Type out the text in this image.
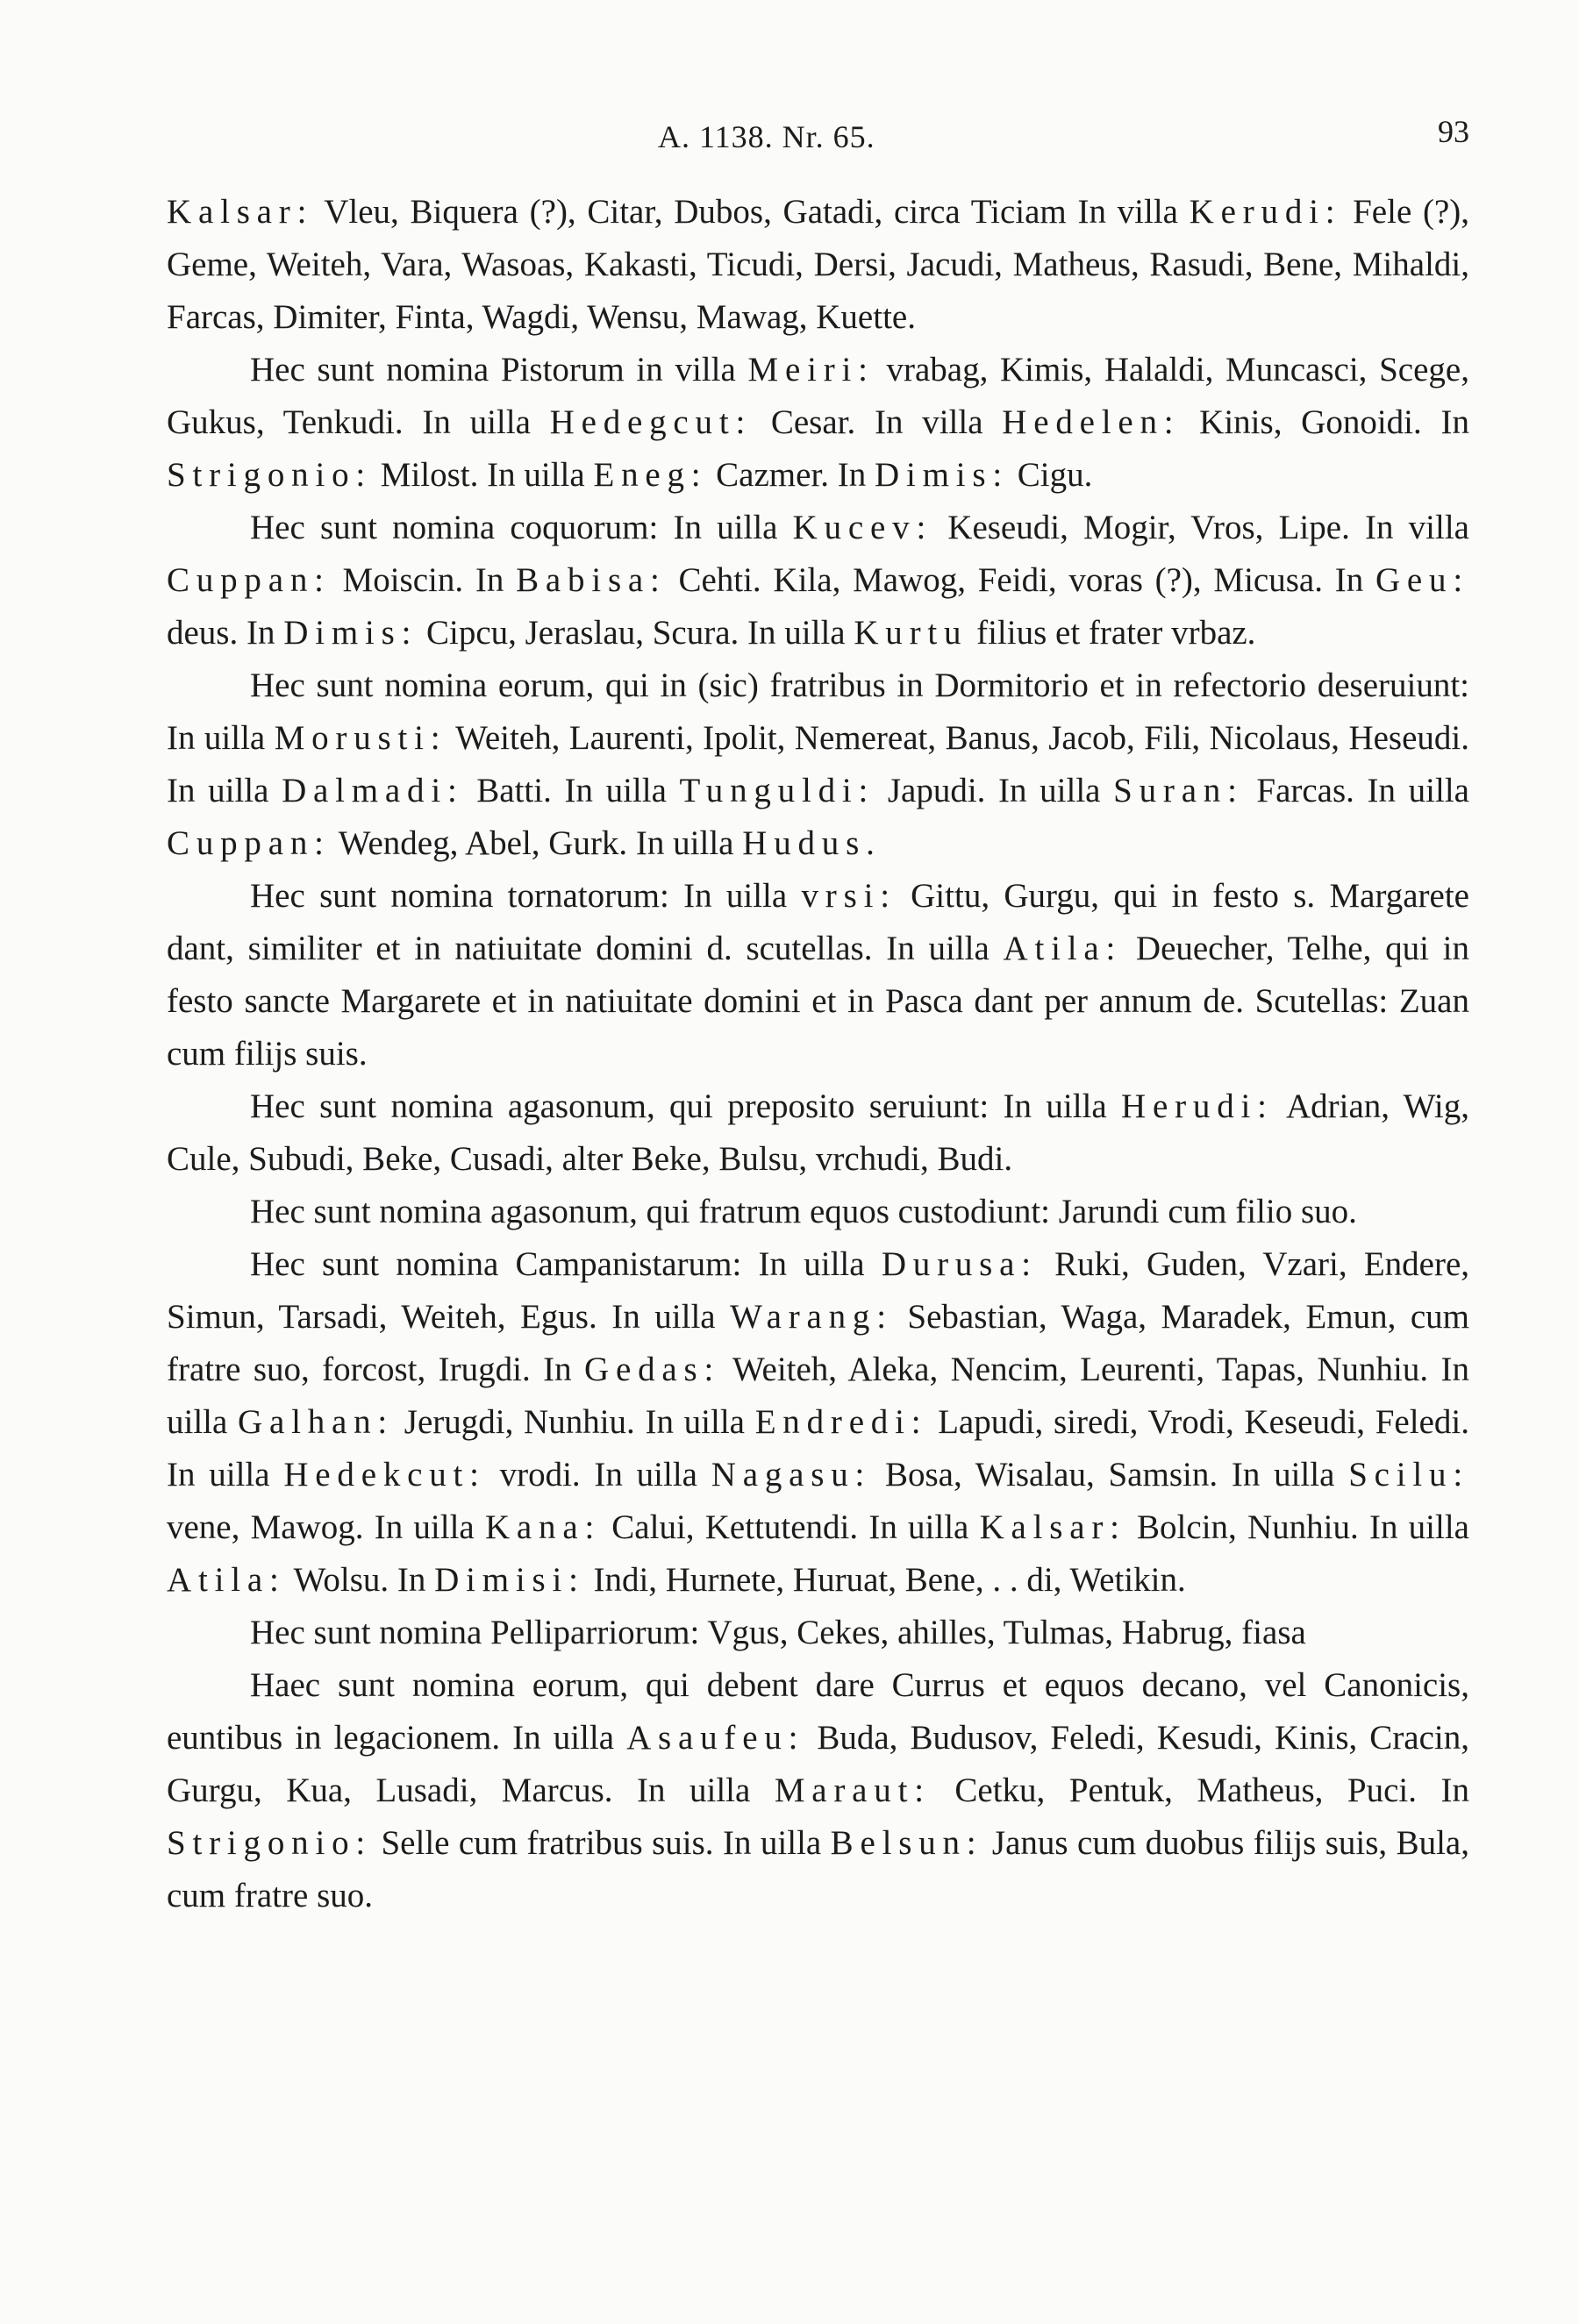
A. 1138. Nr. 65.	93

Kalsar: Vleu, Biquera (?), Citar, Dubos, Gatadi, circa Ticiam In villa Kerudi: Fele (?), Geme, Weiteh, Vara, Wasoas, Kakasti, Ticudi, Dersi, Jacudi, Matheus, Rasudi, Bene, Mihaldi, Farcas, Dimiter, Finta, Wagdi, Wensu, Mawag, Kuette.

Hec sunt nomina Pistorum in villa Meiri: vrabag, Kimis, Halaldi, Muncasci, Scege, Gukus, Tenkudi. In uilla Hedegcut: Cesar. In villa Hedelen: Kinis, Gonoidi. In Strigonio: Milost. In uilla Eneg: Cazmer. In Dimis: Cigu.

Hec sunt nomina coquorum: In uilla Kucev: Keseudi, Mogir, Vros, Lipe. In villa Cuppan: Moiscin. In Babisa: Cehti. Kila, Mawog, Feidi, voras (?), Micusa. In Geu: deus. In Dimis: Cipcu, Jeraslau, Scura. In uilla Kurtu filius et frater vrbaz.

Hec sunt nomina eorum, qui in (sic) fratribus in Dormitorio et in refectorio deseruiunt: In uilla Morusti: Weiteh, Laurenti, Ipolit, Nemereat, Banus, Jacob, Fili, Nicolaus, Heseudi. In uilla Dalmadi: Batti. In uilla Tunguldi: Japudi. In uilla Suran: Farcas. In uilla Cuppan: Wendeg, Abel, Gurk. In uilla Hudus.

Hec sunt nomina tornatorum: In uilla vrsi: Gittu, Gurgu, qui in festo s. Margarete dant, similiter et in natiuitate domini d. scutellas. In uilla Atila: Deuecher, Telhe, qui in festo sancte Margarete et in natiuitate domini et in Pasca dant per annum de. Scutellas: Zuan cum filijs suis.

Hec sunt nomina agasonum, qui preposito seruiunt: In uilla Herudi: Adrian, Wig, Cule, Subudi, Beke, Cusadi, alter Beke, Bulsu, vrchudi, Budi.

Hec sunt nomina agasonum, qui fratrum equos custodiunt: Jarundi cum filio suo.

Hec sunt nomina Campanistarum: In uilla Durusa: Ruki, Guden, Vzari, Endere, Simun, Tarsadi, Weiteh, Egus. In uilla Warang: Sebastian, Waga, Maradek, Emun, cum fratre suo, forcost, Irugdi. In Gedas: Weiteh, Aleka, Nencim, Leurenti, Tapas, Nunhiu. In uilla Galhan: Jerugdi, Nunhiu. In uilla Endredi: Lapudi, siredi, Vrodi, Keseudi, Feledi. In uilla Hedekcut: vrodi. In uilla Nagasu: Bosa, Wisalau, Samsin. In uilla Scilu: vene, Mawog. In uilla Kana: Calui, Kettutendi. In uilla Kalsar: Bolcin, Nunhiu. In uilla Atila: Wolsu. In Dimisi: Indi, Hurnete, Huruat, Bene, . . di, Wetikin.

Hec sunt nomina Pelliparriorum: Vgus, Cekes, ahilles, Tulmas, Habrug, fiasa

Haec sunt nomina eorum, qui debent dare Currus et equos decano, vel Canonicis, euntibus in legacionem. In uilla Asaufeu: Buda, Budusov, Feledi, Kesudi, Kinis, Cracin, Gurgu, Kua, Lusadi, Marcus. In uilla Maraut: Cetku, Pentuk, Matheus, Puci. In Strigonio: Selle cum fratribus suis. In uilla Belsun: Janus cum duobus filijs suis, Bula, cum fratre suo.
